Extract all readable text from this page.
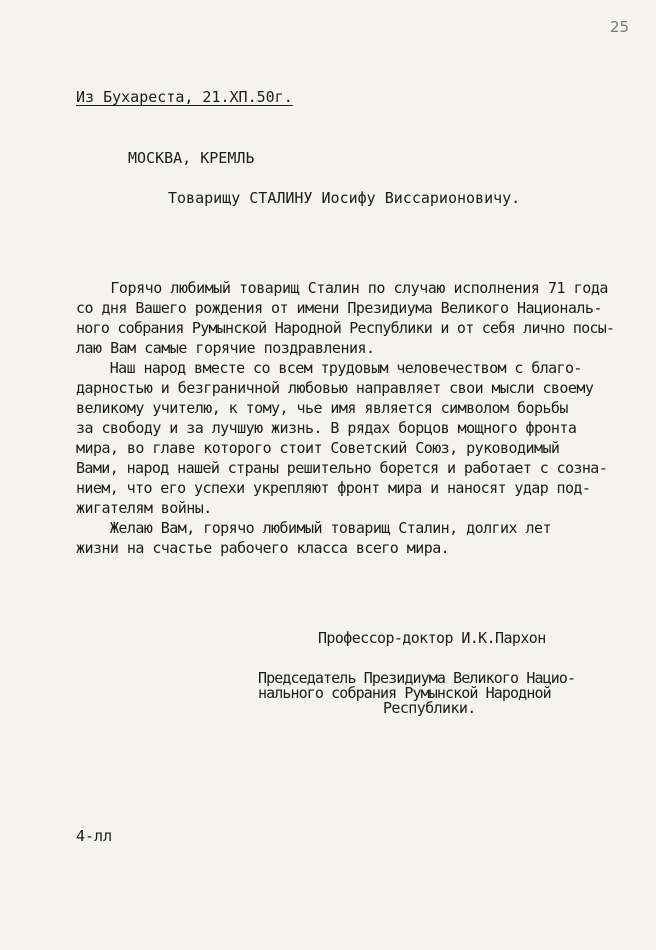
25
Из Бухареста, 21.ХП.50г.
МОСКВА, КРЕМЛЬ
Товарищу СТАЛИНУ Иосифу Виссарионовичу.
Горячо любимый товарищ Сталин по случаю исполнения 71 года
со дня Вашего рождения от имени Президиума Великого Националь-
ного собрания Румынской Народной Республики и от себя лично посы-
лаю Вам самые горячие поздравления.
Наш народ вместе со всем трудовым человечеством с благо-
дарностью и безграничной любовью направляет свои мысли своему
великому учителю, к тому, чье имя является символом борьбы
за свободу и за лучшую жизнь. В рядах борцов мощного фронта
мира, во главе которого стоит Советский Союз, руководимый
Вами, народ нашей страны решительно борется и работает с созна-
нием, что его успехи укрепляют фронт мира и наносят удар под-
жигателям войны.
Желаю Вам, горячо любимый товарищ Сталин, долгих лет
жизни на счастье рабочего класса всего мира.
Профессор-доктор И.К.Пархон
Председатель Президиума Великого Нацио-
нального собрания Румынской Народной
Республики.
4-лл
